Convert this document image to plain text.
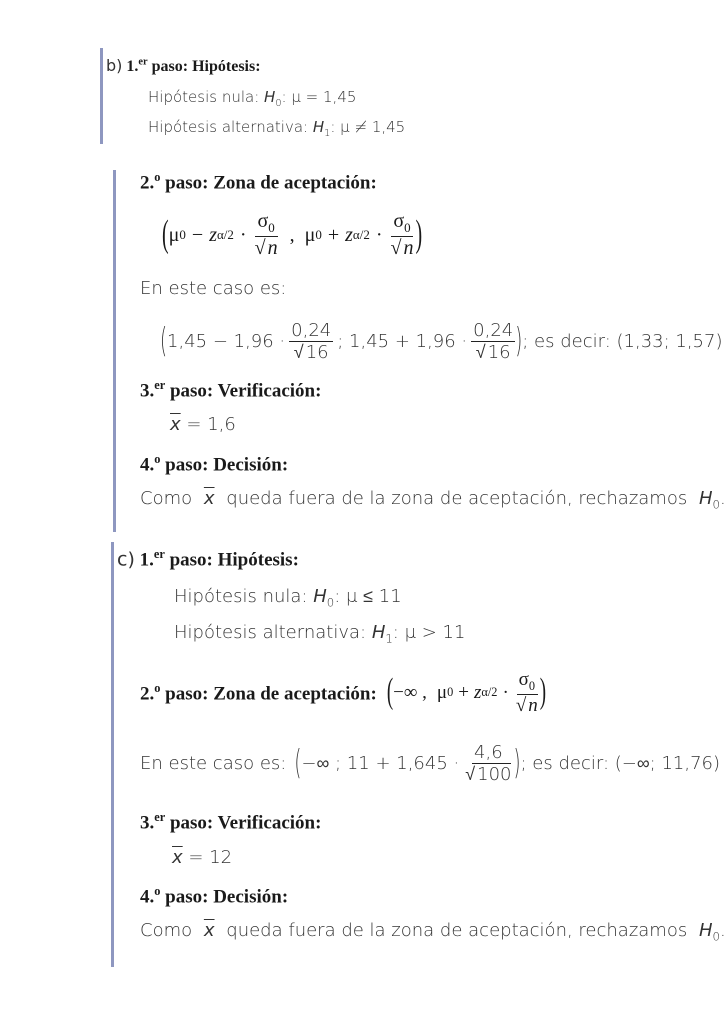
b) 1.$^{er}$ paso: Hipótesis:
Hipótesis nula: $H_0$: μ = 1,45
Hipótesis alternativa: $H_1$: μ ≠ 1,45
2.$^o$ paso: Zona de aceptación:
( μ 0 − z $\alpha/2 \cdot \frac{\sigma_0}{√ n}$ , μ 0 + z $\alpha/2 \cdot \frac{\sigma_0}{√ n}$ )
En este caso es:
( $1,45 - 1,96 \cdot \frac{0,24}{√ 16}$ ; $1,45 + 1,96 \cdot \frac{0,24}{√ 16}$ ) ; es decir: (1,33; 1,57)
3.$^{er}$ paso: Verificación:
$\overline{x} = 1,6$
4.$^o$ paso: Decisión:
Como $\overline{x}$ queda fuera de la zona de aceptación, rechazamos $H_0$.
c) 1.$^{er}$ paso: Hipótesis:
Hipótesis nula: $H_0$: μ ≤ 11
Hipótesis alternativa: $H_1$: μ > 11
2.$^o$ paso: Zona de aceptación: ( −∞ , μ 0 + z $\alpha/2 \cdot \frac{\sigma_0}{√ n}$ )
En este caso es: ( −∞ ; $11 + 1,645 \cdot \frac{4,6}{√ 100}$ ) ; es decir: (−∞; 11,76)
3.$^{er}$ paso: Verificación:
$\overline{x} = 12$
4.$^o$ paso: Decisión:
Como $\overline{x}$ queda fuera de la zona de aceptación, rechazamos $H_0$.
